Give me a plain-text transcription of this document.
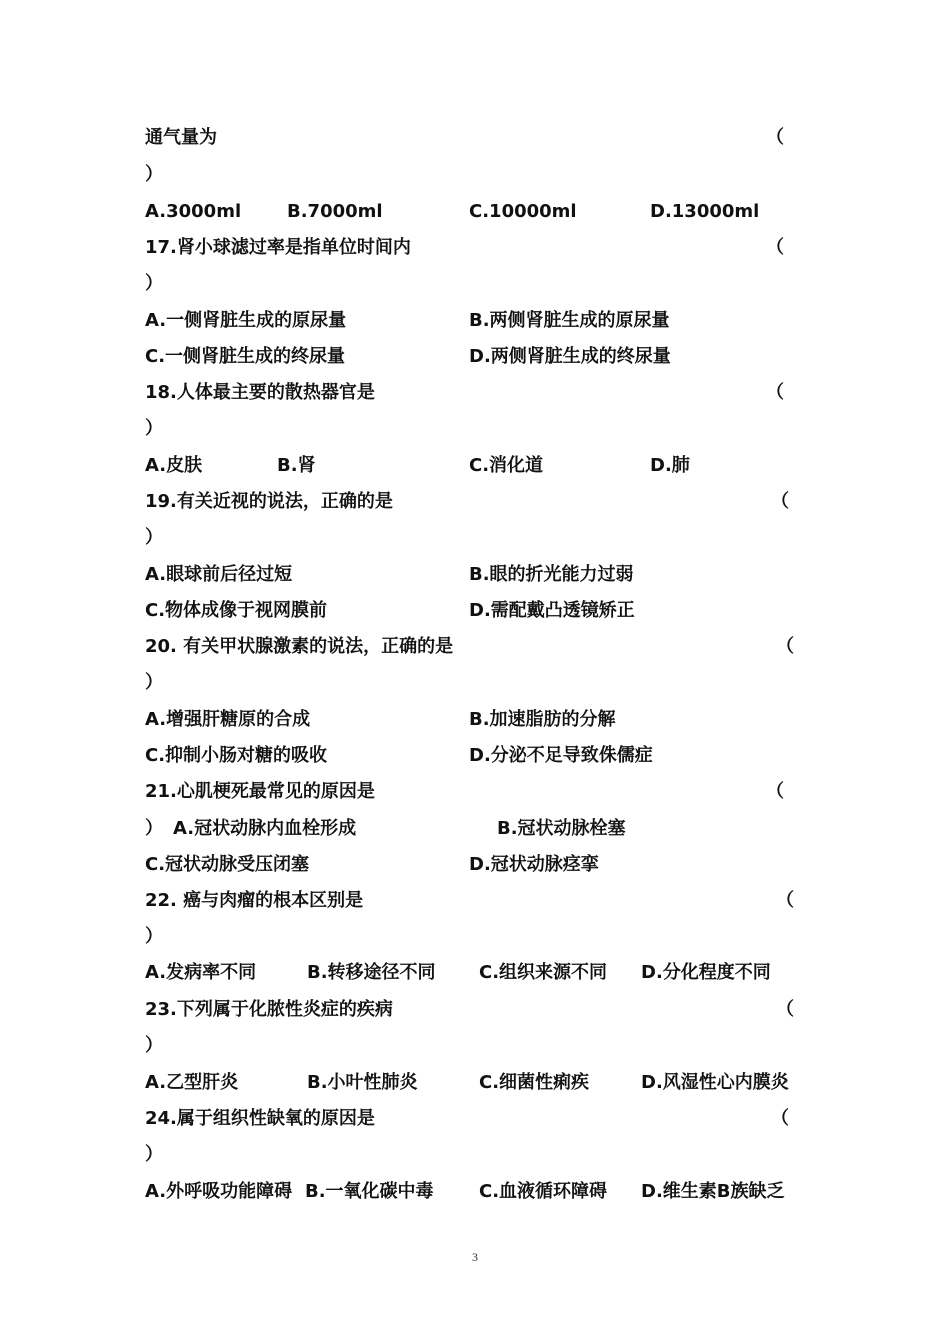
通气量为	（
）
A.3000ml	B.7000ml	C.10000ml	D.13000ml
17.肾小球滤过率是指单位时间内	（
）
A.一侧肾脏生成的原尿量	B.两侧肾脏生成的原尿量
C.一侧肾脏生成的终尿量	D.两侧肾脏生成的终尿量
18.人体最主要的散热器官是	（
）
A.皮肤	B.肾	C.消化道	D.肺
19.有关近视的说法，正确的是	（
）
A.眼球前后径过短	B.眼的折光能力过弱
C.物体成像于视网膜前	D.需配戴凸透镜矫正
20. 有关甲状腺激素的说法，正确的是	（
）
A.增强肝糖原的合成	B.加速脂肪的分解
C.抑制小肠对糖的吸收	D.分泌不足导致侏儒症
21.心肌梗死最常见的原因是	（
） A.冠状动脉内血栓形成	B.冠状动脉栓塞
C.冠状动脉受压闭塞	D.冠状动脉痉挛
22. 癌与肉瘤的根本区别是	（
）
A.发病率不同	B.转移途径不同 C.组织来源不同 D.分化程度不同
23.下列属于化脓性炎症的疾病	（
）
A.乙型肝炎	B.小叶性肺炎	C.细菌性痢疾	D.风湿性心内膜炎
24.属于组织性缺氧的原因是	（
）
A.外呼吸功能障碍 B.一氧化碳中毒	C.血液循环障碍 D.维生素B族缺乏
3
